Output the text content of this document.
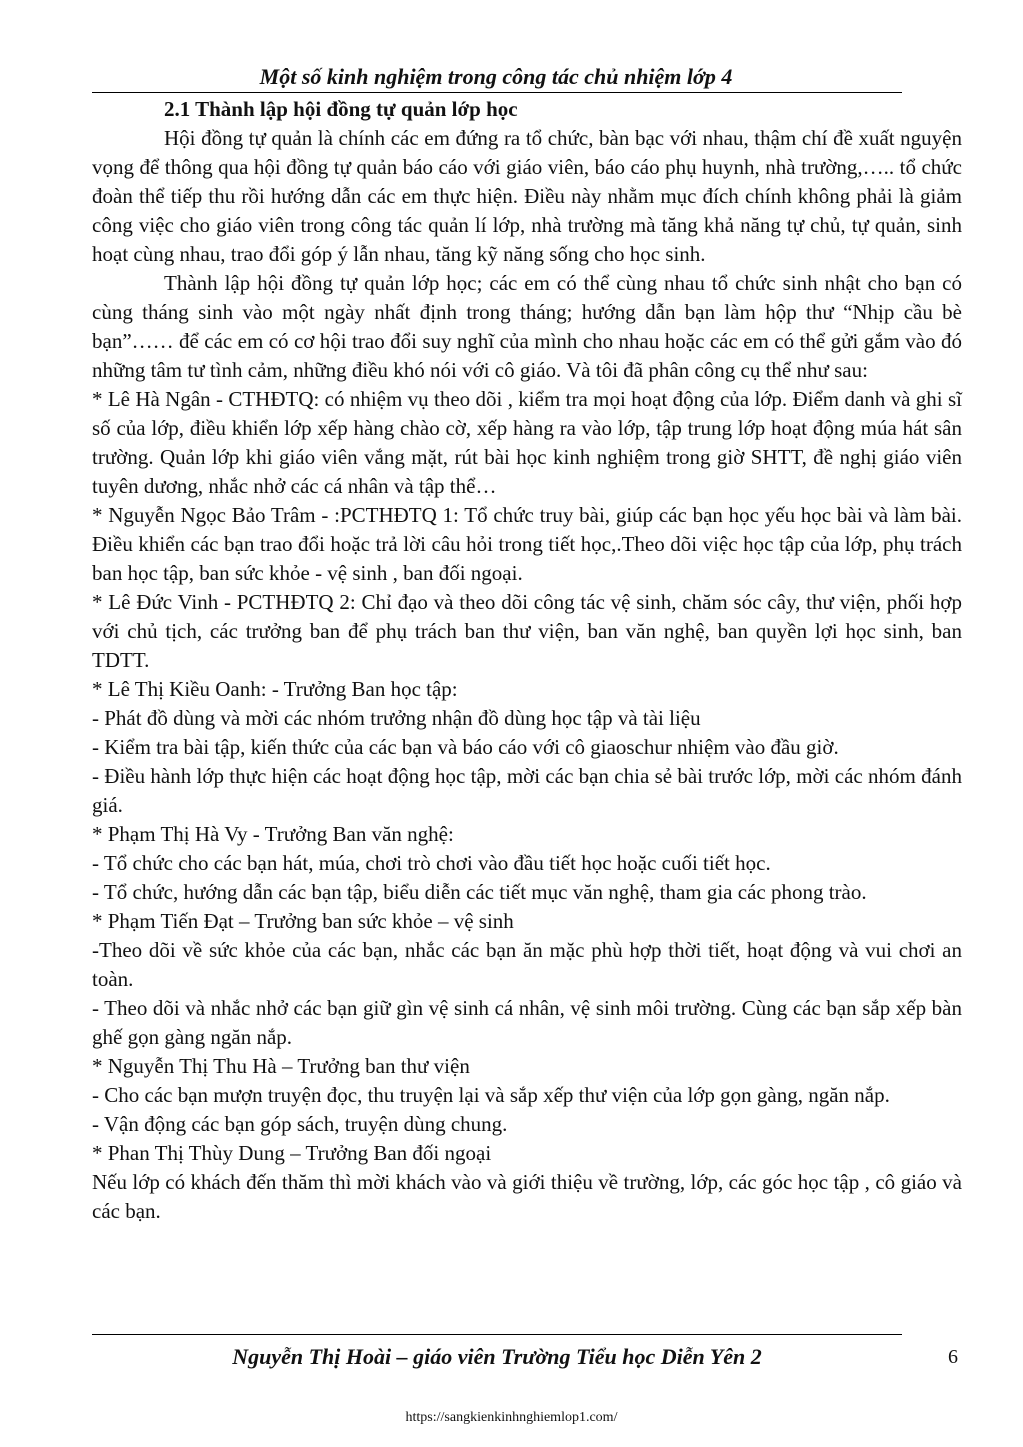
Một số kinh nghiệm trong công tác chủ nhiệm lớp 4

2.1 Thành lập hội đồng tự quản lớp học

Hội đồng tự quản là chính các em đứng ra tổ chức, bàn bạc với nhau, thậm chí đề xuất nguyện vọng để thông qua hội đồng tự quản báo cáo với giáo viên, báo cáo phụ huynh, nhà trường,….. tổ chức đoàn thể tiếp thu rồi hướng dẫn các em thực hiện. Điều này nhằm mục đích chính không phải là giảm công việc cho giáo viên trong công tác quản lí lớp, nhà trường mà tăng khả năng tự chủ, tự quản, sinh hoạt cùng nhau, trao đổi góp ý lẫn nhau, tăng kỹ năng sống cho học sinh.

Thành lập hội đồng tự quản lớp học; các em có thể cùng nhau tổ chức sinh nhật cho bạn có cùng tháng sinh vào một ngày nhất định trong tháng; hướng dẫn bạn làm hộp thư “Nhịp cầu bè bạn”…… để các em có cơ hội trao đổi suy nghĩ của mình cho nhau hoặc các em có thể gửi gắm vào đó những tâm tư tình cảm, những điều khó nói với cô giáo. Và tôi đã phân công cụ thể như sau:

* Lê Hà Ngân - CTHĐTQ: có nhiệm vụ theo dõi , kiểm tra mọi hoạt động của lớp. Điểm danh và ghi sĩ số của lớp, điều khiển lớp xếp hàng chào cờ, xếp hàng ra vào lớp, tập trung lớp hoạt động múa hát sân trường. Quản lớp khi giáo viên vắng mặt, rút bài học kinh nghiệm trong giờ SHTT, đề nghị giáo viên tuyên dương, nhắc nhở các cá nhân và tập thể…

* Nguyễn Ngọc Bảo Trâm - :PCTHĐTQ 1: Tổ chức truy bài, giúp các bạn học yếu học bài và làm bài. Điều khiển các bạn trao đổi hoặc trả lời câu hỏi trong tiết học,.Theo dõi việc học tập của lớp, phụ trách ban học tập, ban sức khỏe - vệ sinh , ban đối ngoại.

* Lê Đức Vinh - PCTHĐTQ 2: Chỉ đạo và theo dõi công tác vệ sinh, chăm sóc cây, thư viện, phối hợp với chủ tịch, các trưởng ban để phụ trách ban thư viện, ban văn nghệ, ban quyền lợi học sinh, ban TDTT.

* Lê Thị Kiều Oanh: - Trưởng Ban học tập:

- Phát đồ dùng và mời các nhóm trưởng nhận đồ dùng học tập và tài liệu

- Kiểm tra bài tập, kiến thức của các bạn và báo cáo với cô giaoschur nhiệm vào đầu giờ.

- Điều hành lớp thực hiện các hoạt động học tập, mời các bạn chia sẻ bài trước lớp, mời các nhóm đánh giá.

* Phạm Thị Hà Vy - Trưởng Ban văn nghệ:

- Tổ chức cho các bạn hát, múa, chơi trò chơi vào đầu tiết học hoặc cuối tiết học.

- Tổ chức, hướng dẫn các bạn tập, biểu diễn các tiết mục văn nghệ, tham gia các phong trào.

* Phạm Tiến Đạt – Trưởng ban sức khỏe – vệ sinh

-Theo dõi về sức khỏe của các bạn, nhắc các bạn ăn mặc phù hợp thời tiết, hoạt động và vui chơi an toàn.

- Theo dõi và nhắc nhở các bạn giữ gìn vệ sinh cá nhân, vệ sinh môi trường. Cùng các bạn sắp xếp bàn ghế gọn gàng ngăn nắp.

* Nguyễn Thị Thu Hà – Trưởng ban thư viện

- Cho các bạn mượn truyện đọc, thu truyện lại và sắp xếp thư viện của lớp gọn gàng, ngăn nắp.

- Vận động các bạn góp sách, truyện dùng chung.

* Phan Thị Thùy Dung – Trưởng Ban đối ngoại

Nếu lớp có khách đến thăm thì mời khách vào và giới thiệu về trường, lớp, các góc học tập , cô giáo và các bạn.

Nguyễn Thị Hoài – giáo viên Trường Tiểu học Diễn Yên 2	6
https://sangkienkinhnghiemlop1.com/
